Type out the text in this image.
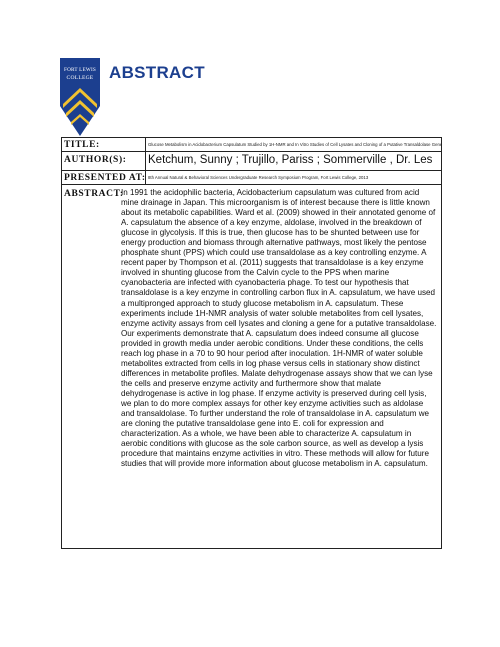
FORT LEWIS
COLLEGE ABSTRACT
TITLE:	Glucose Metabolism in Acidobacterium Capsulatum Studied by 1H-NMR and In Vitro Studies of Cell Lysates and Cloning of a Putative Transaldolase Gene
AUTHOR(S): Ketchum, Sunny ; Trujillo, Pariss ; Sommerville , Dr. Les
PRESENTED AT: 8th Annual Natural & Behavioral Sciences Undergraduate Research Symposium Program, Fort Lewis College, 2013
ABSTRACT:
In 1991 the acidophilic bacteria, Acidobacterium capsulatum was cultured from acid mine drainage in Japan. This microorganism is of interest because there is little known about its metabolic capabilities. Ward et al. (2009) showed in their annotated genome of A. capsulatum the absence of a key enzyme, aldolase, involved in the breakdown of glucose in glycolysis. If this is true, then glucose has to be shunted between use for energy production and biomass through alternative pathways, most likely the pentose phosphate shunt (PPS) which could use transaldolase as a key controlling enzyme. A recent paper by Thompson et al. (2011) suggests that transaldolase is a key enzyme involved in shunting glucose from the Calvin cycle to the PPS when marine cyanobacteria are infected with cyanobacteria phage. To test our hypothesis that transaldolase is a key enzyme in controlling carbon flux in A. capsulatum, we have used a multipronged approach to study glucose metabolism in A. capsulatum. These experiments include 1H-NMR analysis of water soluble metabolites from cell lysates, enzyme activity assays from cell lysates and cloning a gene for a putative transaldolase. Our experiments demonstrate that A. capsulatum does indeed consume all glucose provided in growth media under aerobic conditions. Under these conditions, the cells reach log phase in a 70 to 90 hour period after inoculation. 1H-NMR of water soluble metabolites extracted from cells in log phase versus cells in stationary show distinct differences in metabolite profiles. Malate dehydrogenase assays show that we can lyse the cells and preserve enzyme activity and furthermore show that malate dehydrogenase is active in log phase. If enzyme activity is preserved during cell lysis, we plan to do more complex assays for other key enzyme activities such as aldolase and transaldolase. To further understand the role of transaldolase in A. capsulatum we are cloning the putative transaldolase gene into E. coli for expression and characterization. As a whole, we have been able to characterize A. capsulatum in aerobic conditions with glucose as the sole carbon source, as well as develop a lysis procedure that maintains enzyme activities in vitro. These methods will allow for future studies that will provide more information about glucose metabolism in A. capsulatum.
